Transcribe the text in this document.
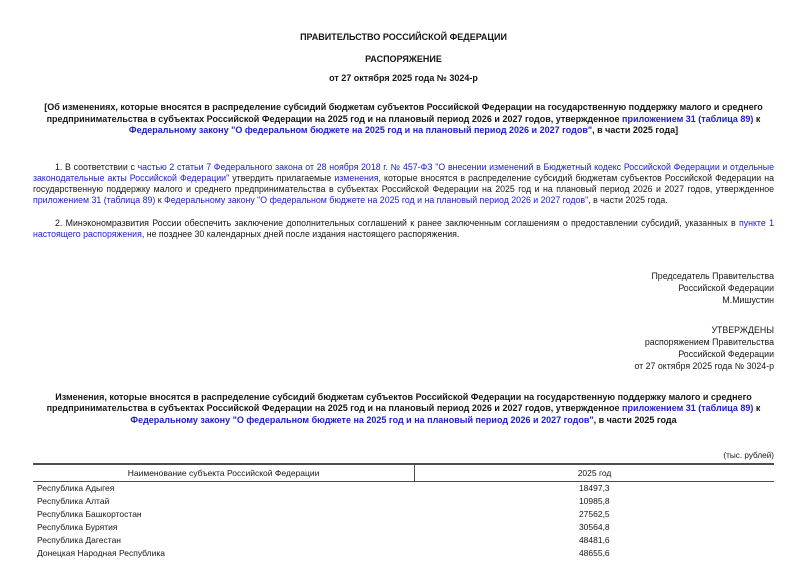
ПРАВИТЕЛЬСТВО РОССИЙСКОЙ ФЕДЕРАЦИИ
РАСПОРЯЖЕНИЕ
от 27 октября 2025 года № 3024-р
[Об изменениях, которые вносятся в распределение субсидий бюджетам субъектов Российской Федерации на государственную поддержку малого и среднего предпринимательства в субъектах Российской Федерации на 2025 год и на плановый период 2026 и 2027 годов, утвержденное приложением 31 (таблица 89) к Федеральному закону "О федеральном бюджете на 2025 год и на плановый период 2026 и 2027 годов", в части 2025 года]

1. В соответствии с частью 2 статьи 7 Федерального закона от 28 ноября 2018 г. № 457-ФЗ "О внесении изменений в Бюджетный кодекс Российской Федерации и отдельные законодательные акты Российской Федерации" утвердить прилагаемые изменения, которые вносятся в распределение субсидий бюджетам субъектов Российской Федерации на государственную поддержку малого и среднего предпринимательства в субъектах Российской Федерации на 2025 год и на плановый период 2026 и 2027 годов, утвержденное приложением 31 (таблица 89) к Федеральному закону "О федеральном бюджете на 2025 год и на плановый период 2026 и 2027 годов", в части 2025 года.

2. Минэкономразвития России обеспечить заключение дополнительных соглашений к ранее заключенным соглашениям о предоставлении субсидий, указанных в пункте 1 настоящего распоряжения, не позднее 30 календарных дней после издания настоящего распоряжения.

Председатель Правительства
Российской Федерации
М.Мишустин
УТВЕРЖДЕНЫ
распоряжением Правительства
Российской Федерации
от 27 октября 2025 года № 3024-р
Изменения, которые вносятся в распределение субсидий бюджетам субъектов Российской Федерации на государственную поддержку малого и среднего предпринимательства в субъектах Российской Федерации на 2025 год и на плановый период 2026 и 2027 годов, утвержденное приложением 31 (таблица 89) к Федеральному закону "О федеральном бюджете на 2025 год и на плановый период 2026 и 2027 годов", в части 2025 года
(тыс. рублей)
Наименование субъекта Российской Федерации	2025 год
Республика Адыгея	18497,3
Республика Алтай	10985,8
Республика Башкортостан	27562,5
Республика Бурятия	30564,8
Республика Дагестан	48481,6
Донецкая Народная Республика	48655,6
